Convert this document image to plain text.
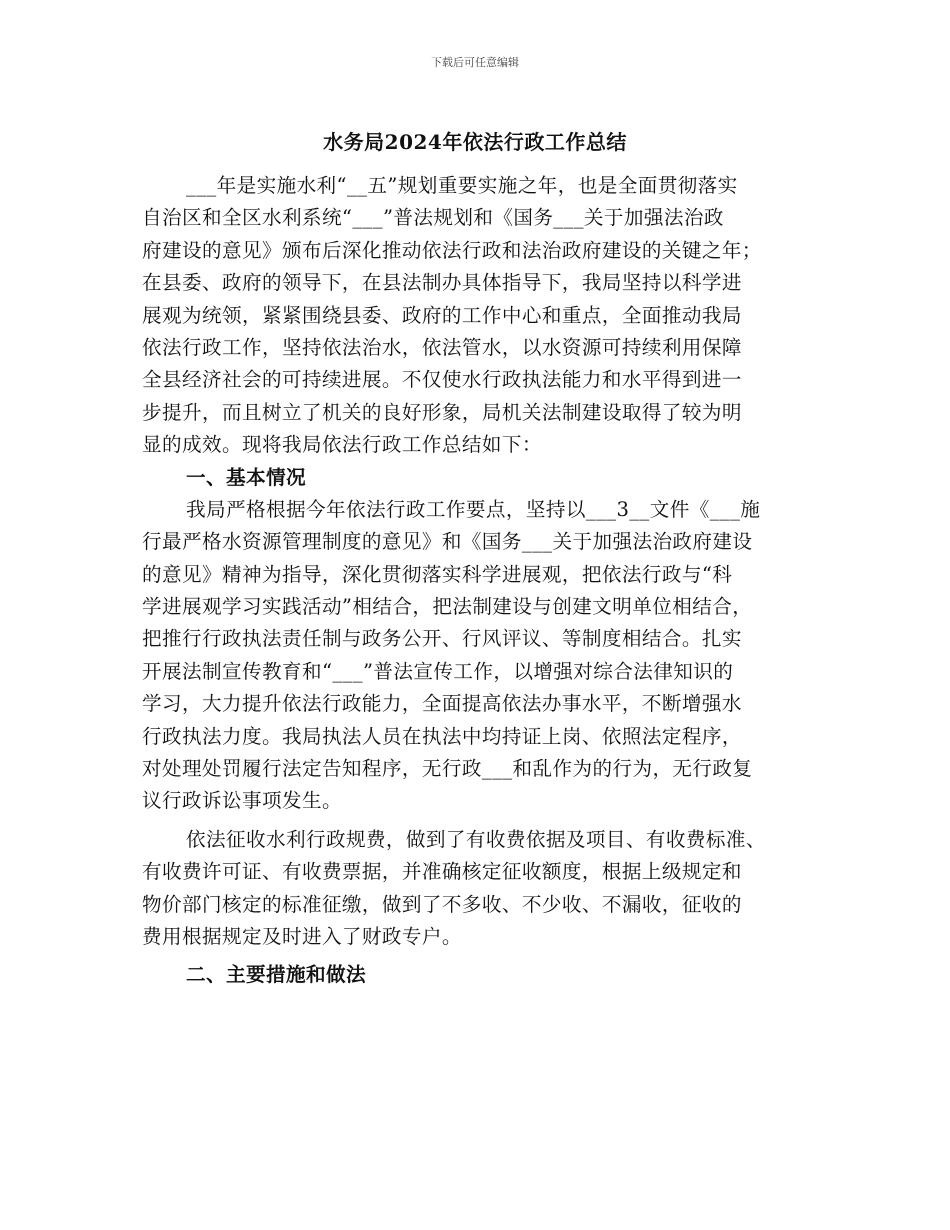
下载后可任意编辑
水务局2024年依法行政工作总结
___年是实施水利“__五”规划重要实施之年，也是全面贯彻落实
自治区和全区水利系统“___”普法规划和《国务___关于加强法治政
府建设的意见》颁布后深化推动依法行政和法治政府建设的关键之年；
在县委、政府的领导下，在县法制办具体指导下，我局坚持以科学进
展观为统领，紧紧围绕县委、政府的工作中心和重点，全面推动我局
依法行政工作，坚持依法治水，依法管水，以水资源可持续利用保障
全县经济社会的可持续进展。不仅使水行政执法能力和水平得到进一
步提升，而且树立了机关的良好形象，局机关法制建设取得了较为明
显的成效。现将我局依法行政工作总结如下：
一、基本情况
我局严格根据今年依法行政工作要点，坚持以___3__文件《___施
行最严格水资源管理制度的意见》和《国务___关于加强法治政府建设
的意见》精神为指导，深化贯彻落实科学进展观，把依法行政与“科
学进展观学习实践活动”相结合，把法制建设与创建文明单位相结合，
把推行行政执法责任制与政务公开、行风评议、等制度相结合。扎实
开展法制宣传教育和“___”普法宣传工作，以增强对综合法律知识的
学习，大力提升依法行政能力，全面提高依法办事水平，不断增强水
行政执法力度。我局执法人员在执法中均持证上岗、依照法定程序，
对处理处罚履行法定告知程序，无行政___和乱作为的行为，无行政复
议行政诉讼事项发生。
依法征收水利行政规费，做到了有收费依据及项目、有收费标准、
有收费许可证、有收费票据，并准确核定征收额度，根据上级规定和
物价部门核定的标准征缴，做到了不多收、不少收、不漏收，征收的
费用根据规定及时进入了财政专户。
二、主要措施和做法
